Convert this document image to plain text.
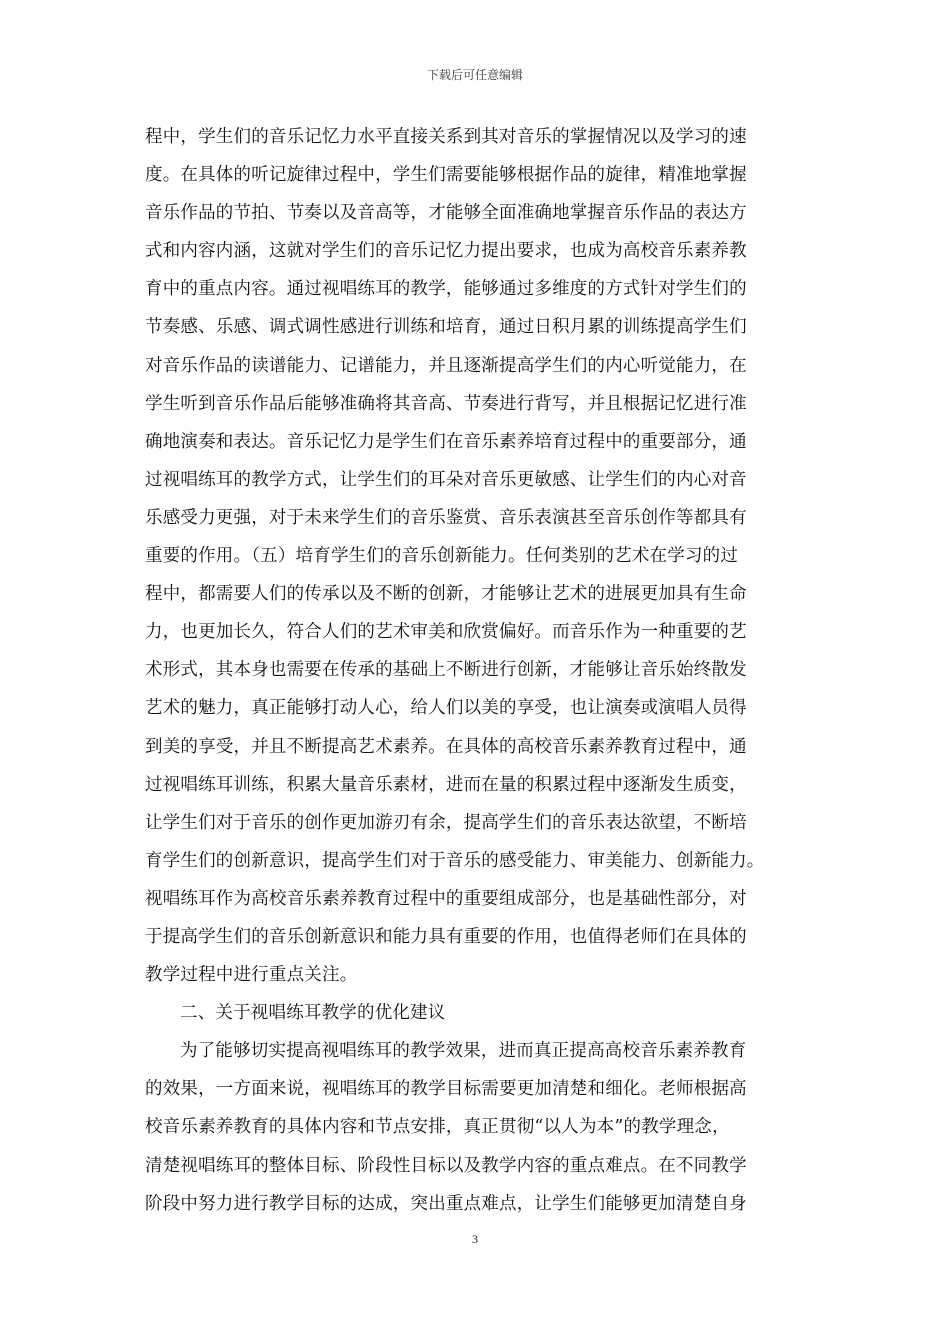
下载后可任意编辑
程中，学生们的音乐记忆力水平直接关系到其对音乐的掌握情况以及学习的速
度。在具体的听记旋律过程中，学生们需要能够根据作品的旋律，精准地掌握
音乐作品的节拍、节奏以及音高等，才能够全面准确地掌握音乐作品的表达方
式和内容内涵，这就对学生们的音乐记忆力提出要求，也成为高校音乐素养教
育中的重点内容。通过视唱练耳的教学，能够通过多维度的方式针对学生们的
节奏感、乐感、调式调性感进行训练和培育，通过日积月累的训练提高学生们
对音乐作品的读谱能力、记谱能力，并且逐渐提高学生们的内心听觉能力，在
学生听到音乐作品后能够准确将其音高、节奏进行背写，并且根据记忆进行准
确地演奏和表达。音乐记忆力是学生们在音乐素养培育过程中的重要部分，通
过视唱练耳的教学方式，让学生们的耳朵对音乐更敏感、让学生们的内心对音
乐感受力更强，对于未来学生们的音乐鉴赏、音乐表演甚至音乐创作等都具有
重要的作用。（五）培育学生们的音乐创新能力。任何类别的艺术在学习的过
程中，都需要人们的传承以及不断的创新，才能够让艺术的进展更加具有生命
力，也更加长久，符合人们的艺术审美和欣赏偏好。而音乐作为一种重要的艺
术形式，其本身也需要在传承的基础上不断进行创新，才能够让音乐始终散发
艺术的魅力，真正能够打动人心，给人们以美的享受，也让演奏或演唱人员得
到美的享受，并且不断提高艺术素养。在具体的高校音乐素养教育过程中，通
过视唱练耳训练，积累大量音乐素材，进而在量的积累过程中逐渐发生质变，
让学生们对于音乐的创作更加游刃有余，提高学生们的音乐表达欲望，不断培
育学生们的创新意识，提高学生们对于音乐的感受能力、审美能力、创新能力。
视唱练耳作为高校音乐素养教育过程中的重要组成部分，也是基础性部分，对
于提高学生们的音乐创新意识和能力具有重要的作用，也值得老师们在具体的
教学过程中进行重点关注。
二、关于视唱练耳教学的优化建议
为了能够切实提高视唱练耳的教学效果，进而真正提高高校音乐素养教育
的效果，一方面来说，视唱练耳的教学目标需要更加清楚和细化。老师根据高
校音乐素养教育的具体内容和节点安排，真正贯彻“以人为本”的教学理念，
清楚视唱练耳的整体目标、阶段性目标以及教学内容的重点难点。在不同教学
阶段中努力进行教学目标的达成，突出重点难点，让学生们能够更加清楚自身
3
